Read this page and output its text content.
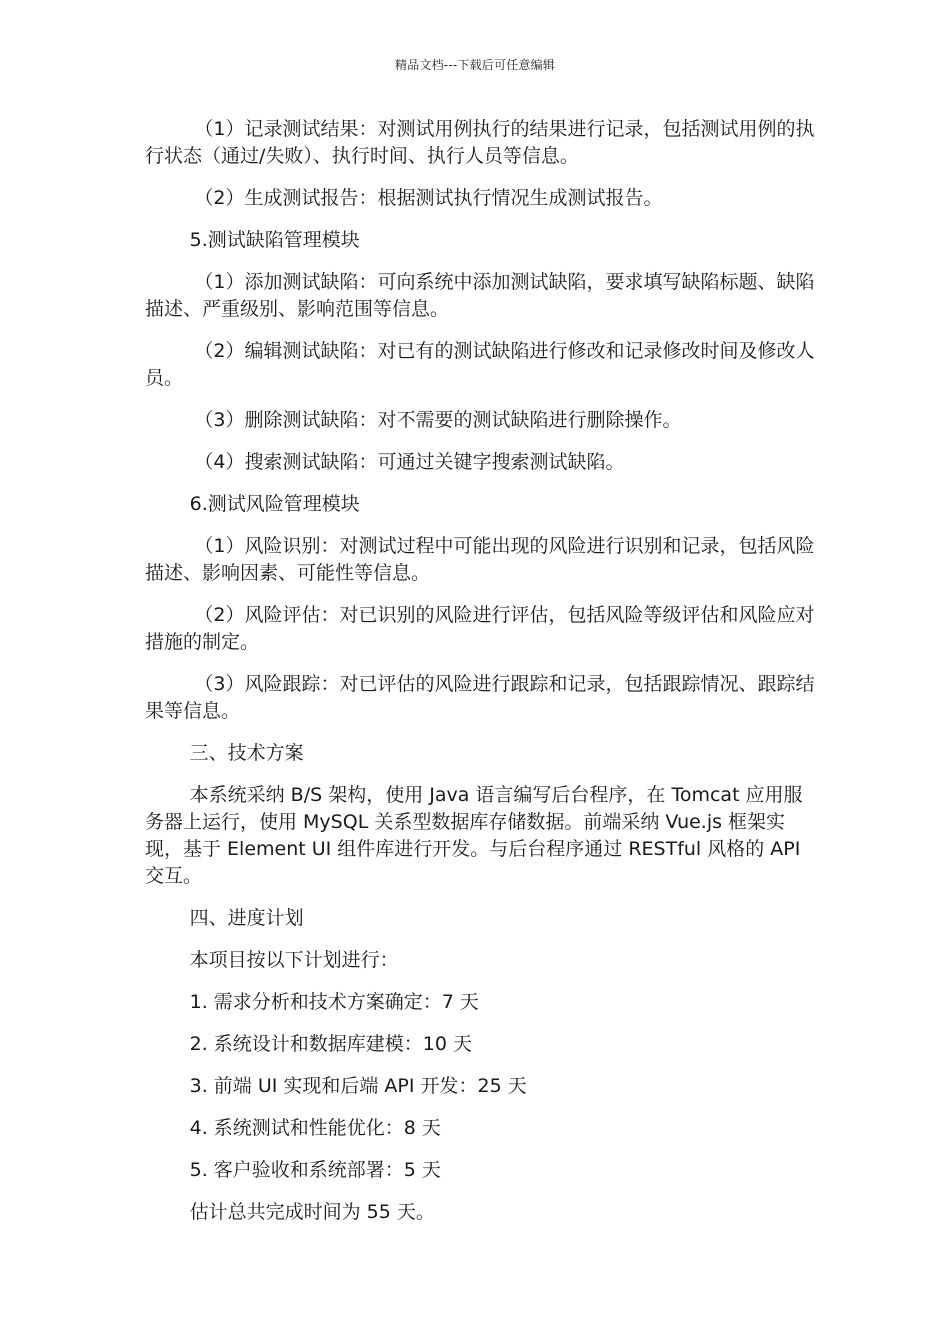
精品文档---下载后可任意编辑

（1）记录测试结果：对测试用例执行的结果进行记录，包括测试用例的执行状态（通过/失败）、执行时间、执行人员等信息。

（2）生成测试报告：根据测试执行情况生成测试报告。

5.测试缺陷管理模块

（1）添加测试缺陷：可向系统中添加测试缺陷，要求填写缺陷标题、缺陷描述、严重级别、影响范围等信息。

（2）编辑测试缺陷：对已有的测试缺陷进行修改和记录修改时间及修改人员。

（3）删除测试缺陷：对不需要的测试缺陷进行删除操作。

（4）搜索测试缺陷：可通过关键字搜索测试缺陷。

6.测试风险管理模块

（1）风险识别：对测试过程中可能出现的风险进行识别和记录，包括风险描述、影响因素、可能性等信息。

（2）风险评估：对已识别的风险进行评估，包括风险等级评估和风险应对措施的制定。

（3）风险跟踪：对已评估的风险进行跟踪和记录，包括跟踪情况、跟踪结果等信息。

三、技术方案

本系统采纳 B/S 架构，使用 Java 语言编写后台程序，在 Tomcat 应用服务器上运行，使用 MySQL 关系型数据库存储数据。前端采纳 Vue.js 框架实现，基于 Element UI 组件库进行开发。与后台程序通过 RESTful 风格的 API 交互。

四、进度计划

本项目按以下计划进行：

1. 需求分析和技术方案确定：7 天

2. 系统设计和数据库建模：10 天

3. 前端 UI 实现和后端 API 开发：25 天

4. 系统测试和性能优化：8 天

5. 客户验收和系统部署：5 天

估计总共完成时间为 55 天。
